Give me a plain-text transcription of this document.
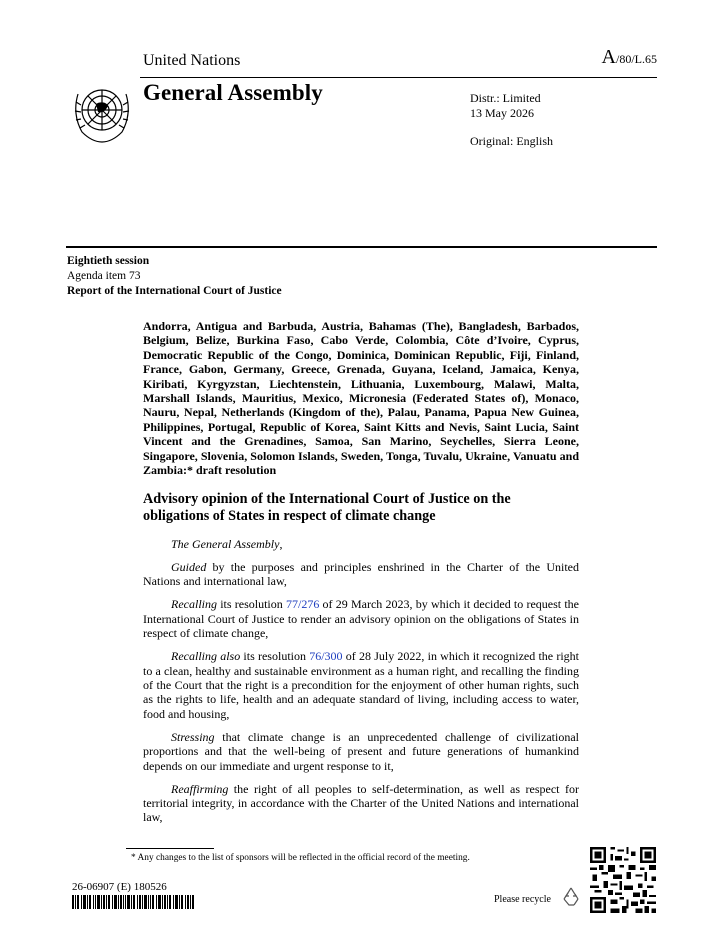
United Nations	A/80/L.65
General Assembly	Distr.: Limited
13 May 2026
Original: English
Eightieth session
Agenda item 73
Report of the International Court of Justice
Andorra, Antigua and Barbuda, Austria, Bahamas (The), Bangladesh, Barbados, Belgium, Belize, Burkina Faso, Cabo Verde, Colombia, Côte d’Ivoire, Cyprus, Democratic Republic of the Congo, Dominica, Dominican Republic, Fiji, Finland, France, Gabon, Germany, Greece, Grenada, Guyana, Iceland, Jamaica, Kenya, Kiribati, Kyrgyzstan, Liechtenstein, Lithuania, Luxembourg, Malawi, Malta, Marshall Islands, Mauritius, Mexico, Micronesia (Federated States of), Monaco, Nauru, Nepal, Netherlands (Kingdom of the), Palau, Panama, Papua New Guinea, Philippines, Portugal, Republic of Korea, Saint Kitts and Nevis, Saint Lucia, Saint Vincent and the Grenadines, Samoa, San Marino, Seychelles, Sierra Leone, Singapore, Slovenia, Solomon Islands, Sweden, Tonga, Tuvalu, Ukraine, Vanuatu and Zambia:* draft resolution
Advisory opinion of the International Court of Justice on the obligations of States in respect of climate change

The General Assembly,

Guided by the purposes and principles enshrined in the Charter of the United Nations and international law,

Recalling its resolution 77/276 of 29 March 2023, by which it decided to request the International Court of Justice to render an advisory opinion on the obligations of States in respect of climate change,

Recalling also its resolution 76/300 of 28 July 2022, in which it recognized the right to a clean, healthy and sustainable environment as a human right, and recalling the finding of the Court that the right is a precondition for the enjoyment of other human rights, such as the rights to life, health and an adequate standard of living, including access to water, food and housing,

Stressing that climate change is an unprecedented challenge of civilizational proportions and that the well-being of present and future generations of humankind depends on our immediate and urgent response to it,

Reaffirming the right of all peoples to self-determination, as well as respect for territorial integrity, in accordance with the Charter of the United Nations and international law,

* Any changes to the list of sponsors will be reflected in the official record of the meeting.
26-06907 (E) 180526
Please recycle
